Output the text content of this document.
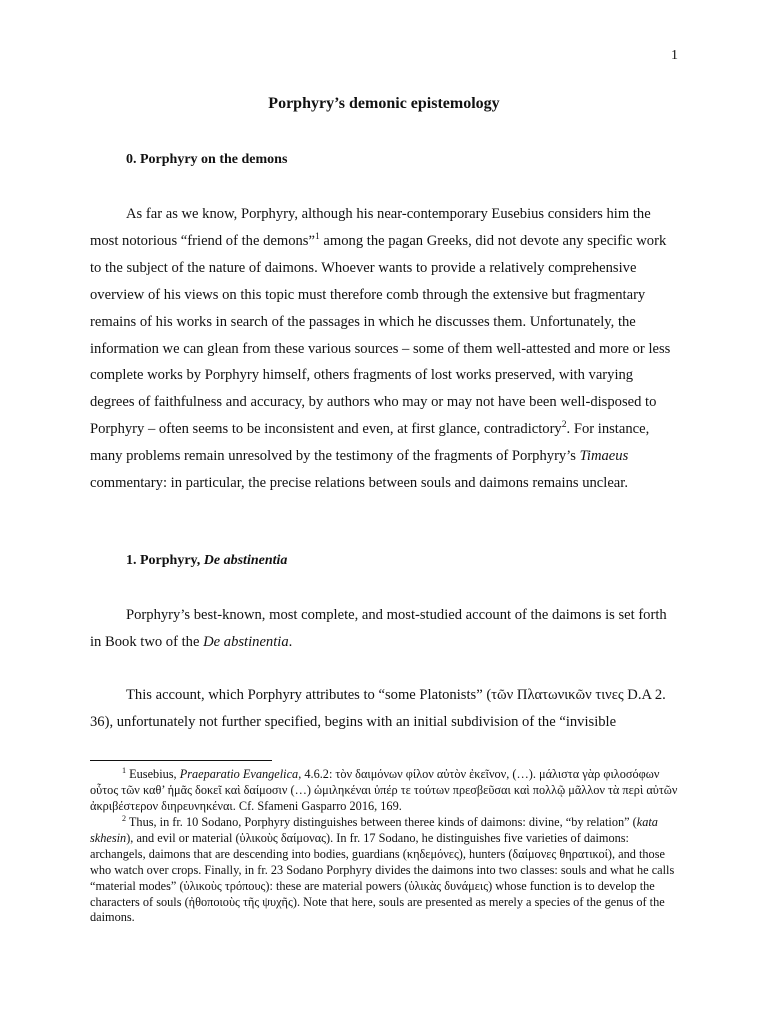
1
Porphyry’s demonic epistemology
0. Porphyry on the demons
As far as we know, Porphyry, although his near-contemporary Eusebius considers him the most notorious “friend of the demons”$^1$ among the pagan Greeks, did not devote any specific work to the subject of the nature of daimons. Whoever wants to provide a relatively comprehensive overview of his views on this topic must therefore comb through the extensive but fragmentary remains of his works in search of the passages in which he discusses them. Unfortunately, the information we can glean from these various sources – some of them well-attested and more or less complete works by Porphyry himself, others fragments of lost works preserved, with varying degrees of faithfulness and accuracy, by authors who may or may not have been well-disposed to Porphyry – often seems to be inconsistent and even, at first glance, contradictory$^2$. For instance, many problems remain unresolved by the testimony of the fragments of Porphyry’s Timaeus commentary: in particular, the precise relations between souls and daimons remains unclear.
1. Porphyry, De abstinentia
Porphyry’s best-known, most complete, and most-studied account of the daimons is set forth in Book two of the De abstinentia.
This account, which Porphyry attributes to “some Platonists” (τῶν Πλατωνικῶν τινες D.A 2. 36), unfortunately not further specified, begins with an initial subdivision of the “invisible
$^1$ Eusebius, Praeparatio Evangelica, 4.6.2: τὸν δαιμόνων φίλον αὐτὸν ἐκεῖνον, (…). μάλιστα γὰρ φιλοσόφων οὗτος τῶν καθ’ ἡμᾶς δοκεῖ καὶ δαίμοσιν (…) ὡμιληκέναι ὑπέρ τε τούτων πρεσβεῦσαι καὶ πολλῷ μᾶλλον τὰ περὶ αὐτῶν ἀκριβέστερον διηρευνηκέναι. Cf. Sfameni Gasparro 2016, 169.
$^2$ Thus, in fr. 10 Sodano, Porphyry distinguishes between theree kinds of daimons: divine, “by relation” (kata skhesin), and evil or material (ὑλικοὺς δαίμονας). In fr. 17 Sodano, he distinguishes five varieties of daimons: archangels, daimons that are descending into bodies, guardians (κηδεμόνες), hunters (δαίμονες θηρατικοί), and those who watch over crops. Finally, in fr. 23 Sodano Porphyry divides the daimons into two classes: souls and what he calls “material modes” (ὑλικοὺς τρόπους): these are material powers (ὑλικὰς δυνάμεις) whose function is to develop the characters of souls (ἠθοποιοὺς τῆς ψυχῆς). Note that here, souls are presented as merely a species of the genus of the daimons.
